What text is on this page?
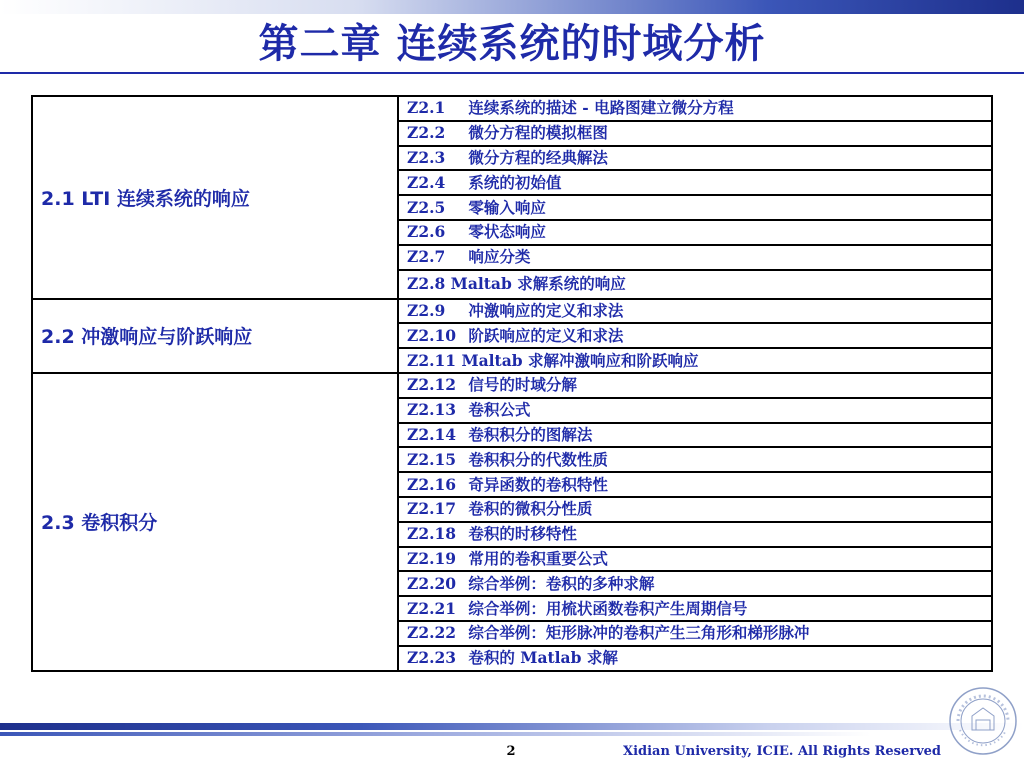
第二章 连续系统的时域分析
2.1 LTI 连续系统的响应	Z2.1 连续系统的描述 - 电路图建立微分方程
	Z2.2 微分方程的模拟框图
	Z2.3 微分方程的经典解法
	Z2.4 系统的初始值
	Z2.5 零输入响应
	Z2.6 零状态响应
	Z2.7 响应分类
	Z2.8 Maltab 求解系统的响应
2.2 冲激响应与阶跃响应	Z2.9 冲激响应的定义和求法
	Z2.10 阶跃响应的定义和求法
	Z2.11 Maltab 求解冲激响应和阶跃响应
2.3 卷积积分	Z2.12 信号的时域分解
	Z2.13 卷积公式
	Z2.14 卷积积分的图解法
	Z2.15 卷积积分的代数性质
	Z2.16 奇异函数的卷积特性
	Z2.17 卷积的微积分性质
	Z2.18 卷积的时移特性
	Z2.19 常用的卷积重要公式
	Z2.20 综合举例：卷积的多种求解
	Z2.21 综合举例：用梳状函数卷积产生周期信号
	Z2.22 综合举例：矩形脉冲的卷积产生三角形和梯形脉冲
	Z2.23 卷积的 Matlab 求解
2	Xidian University, ICIE. All Rights Reserved
